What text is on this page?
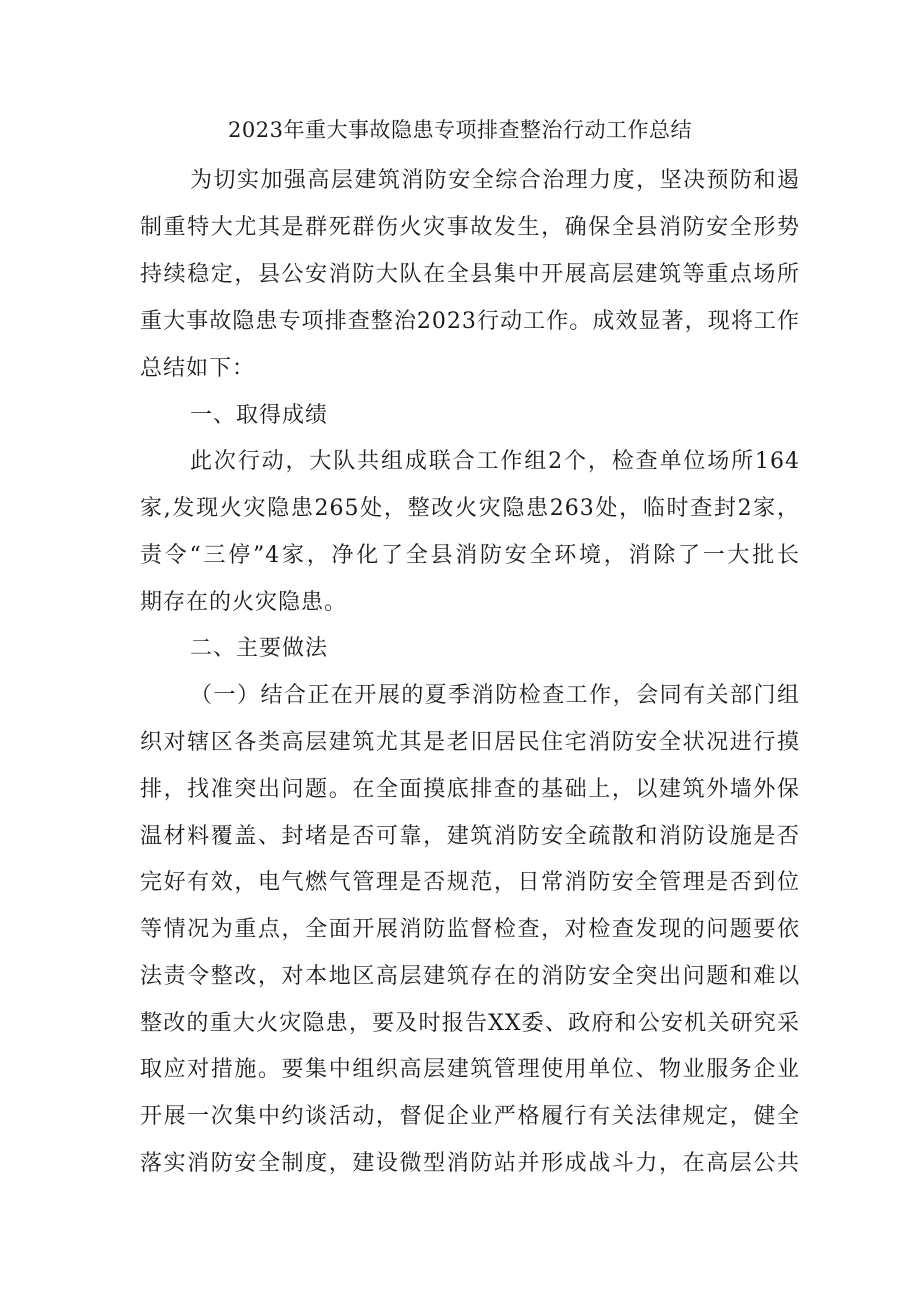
2023年重大事故隐患专项排查整治行动工作总结
为切实加强高层建筑消防安全综合治理力度，坚决预防和遏
制重特大尤其是群死群伤火灾事故发生，确保全县消防安全形势
持续稳定，县公安消防大队在全县集中开展高层建筑等重点场所
重大事故隐患专项排查整治2023行动工作。成效显著，现将工作
总结如下：
一、取得成绩
此次行动，大队共组成联合工作组2个，检查单位场所164
家,发现火灾隐患265处，整改火灾隐患263处，临时查封2家，
责令“三停”4家，净化了全县消防安全环境，消除了一大批长
期存在的火灾隐患。
二、主要做法
（一）结合正在开展的夏季消防检查工作，会同有关部门组
织对辖区各类高层建筑尤其是老旧居民住宅消防安全状况进行摸
排，找准突出问题。在全面摸底排查的基础上，以建筑外墙外保
温材料覆盖、封堵是否可靠，建筑消防安全疏散和消防设施是否
完好有效，电气燃气管理是否规范，日常消防安全管理是否到位
等情况为重点，全面开展消防监督检查，对检查发现的问题要依
法责令整改，对本地区高层建筑存在的消防安全突出问题和难以
整改的重大火灾隐患，要及时报告XX委、政府和公安机关研究采
取应对措施。要集中组织高层建筑管理使用单位、物业服务企业
开展一次集中约谈活动，督促企业严格履行有关法律规定，健全
落实消防安全制度，建设微型消防站并形成战斗力，在高层公共
